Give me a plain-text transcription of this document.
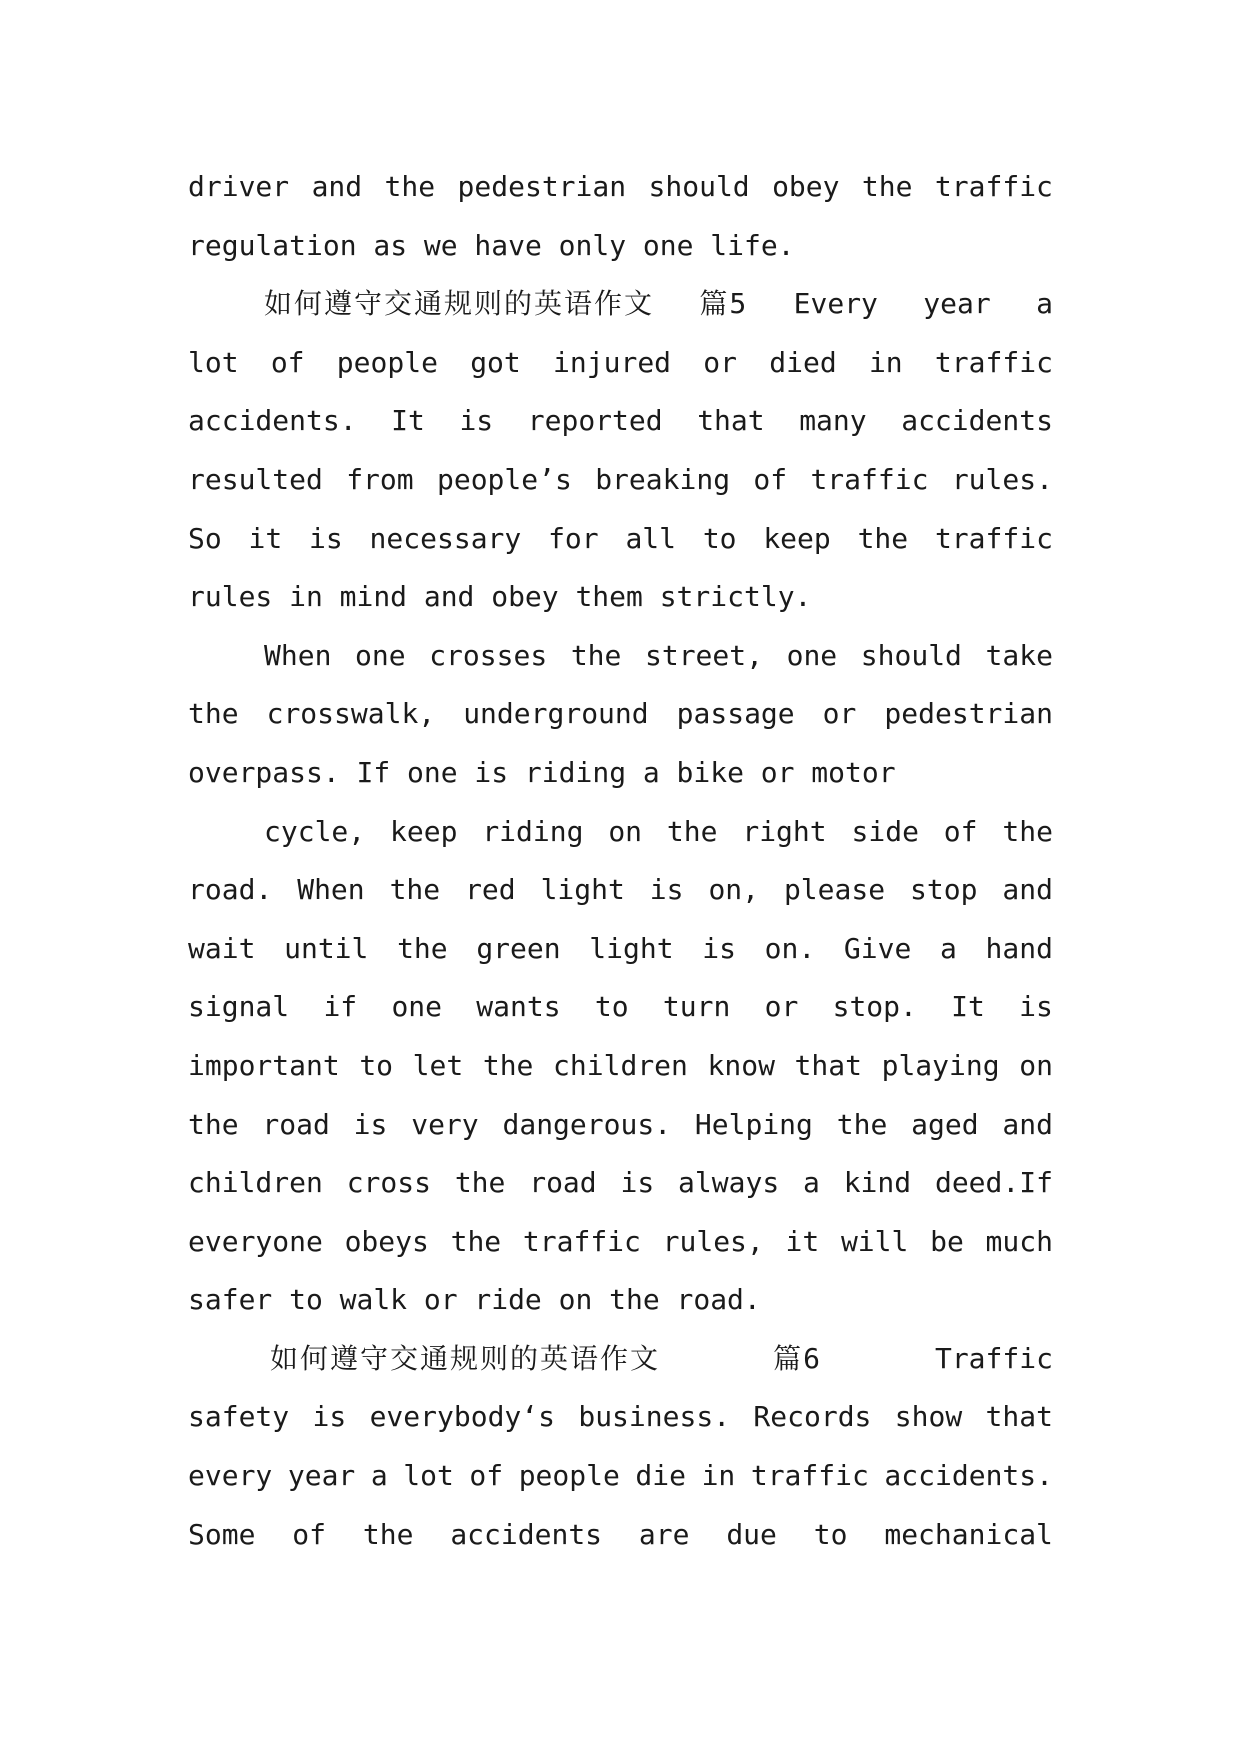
driver and the pedestrian should obey the traffic
regulation as we have only one life.
如何遵守交通规则的英语作文 篇5 Every year a
lot of people got injured or died in traffic
accidents. It is reported that many accidents
resulted from people’s breaking of traffic rules.
So it is necessary for all to keep the traffic
rules in mind and obey them strictly.
When one crosses the street, one should take
the crosswalk, underground passage or pedestrian
overpass. If one is riding a bike or motor
cycle, keep riding on the right side of the
road. When the red light is on, please stop and
wait until the green light is on. Give a hand
signal if one wants to turn or stop. It is
important to let the children know that playing on
the road is very dangerous. Helping the aged and
children cross the road is always a kind deed.If
everyone obeys the traffic rules, it will be much
safer to walk or ride on the road.
如何遵守交通规则的英语作文	篇6	Traffic
safety is everybody‘s business. Records show that
every year a lot of people die in traffic accidents.
Some of the accidents are due to mechanical
